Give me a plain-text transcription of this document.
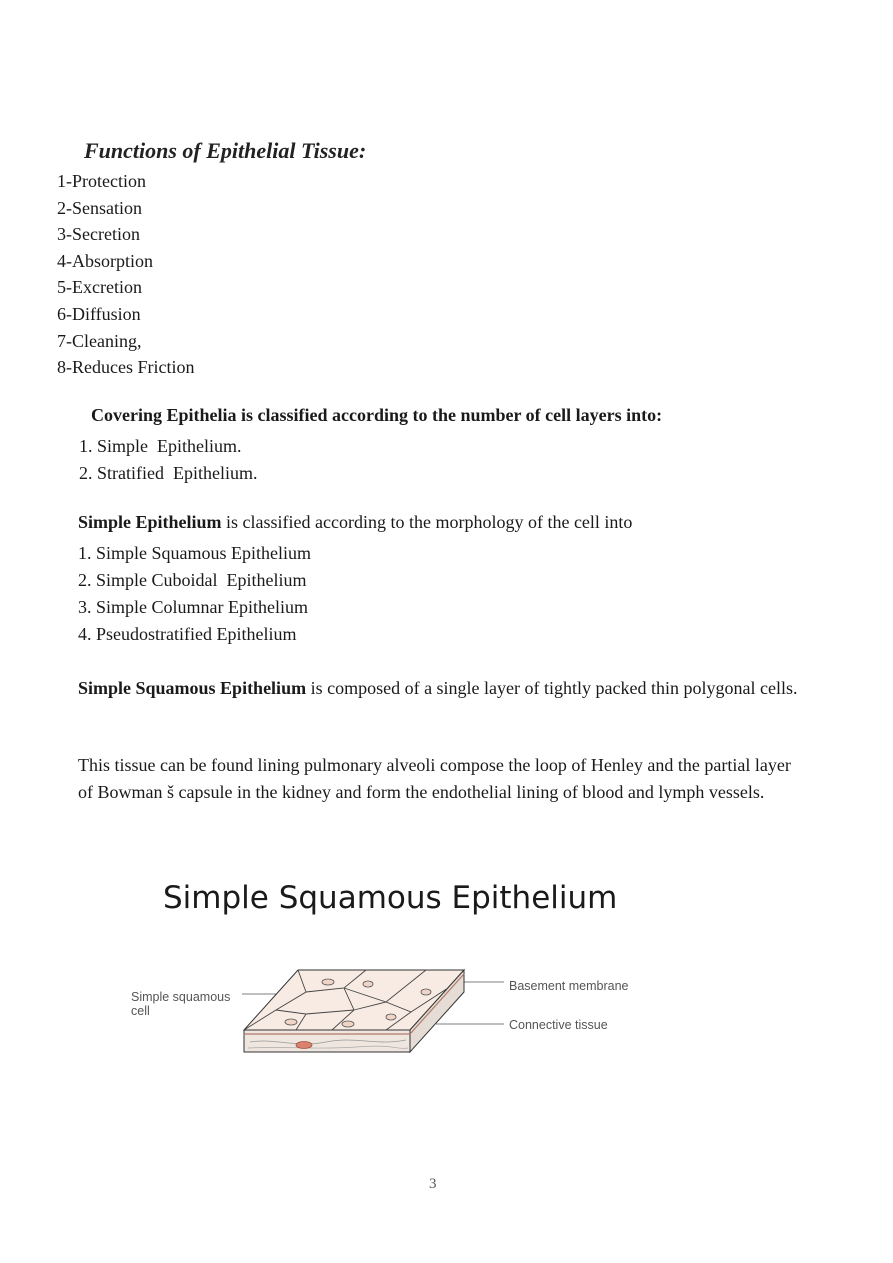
Functions of Epithelial Tissue:
1-Protection
2-Sensation
3-Secretion
4-Absorption
5-Excretion
6-Diffusion
7-Cleaning,
8-Reduces Friction
Covering Epithelia is classified according to the number of cell layers into:
1. Simple  Epithelium.
2. Stratified  Epithelium.
Simple Epithelium is classified according to the morphology of the cell into
1. Simple Squamous Epithelium
2. Simple Cuboidal  Epithelium
3. Simple Columnar Epithelium
4. Pseudostratified Epithelium
Simple Squamous Epithelium is composed of a single layer of tightly packed thin polygonal cells.
This tissue can be found lining pulmonary alveoli compose the loop of Henley and the partial layer of Bowman š capsule in the kidney and form the endothelial lining of blood and lymph vessels.
Simple Squamous Epithelium
Simple squamous cell
Basement membrane
Connective tissue
3
